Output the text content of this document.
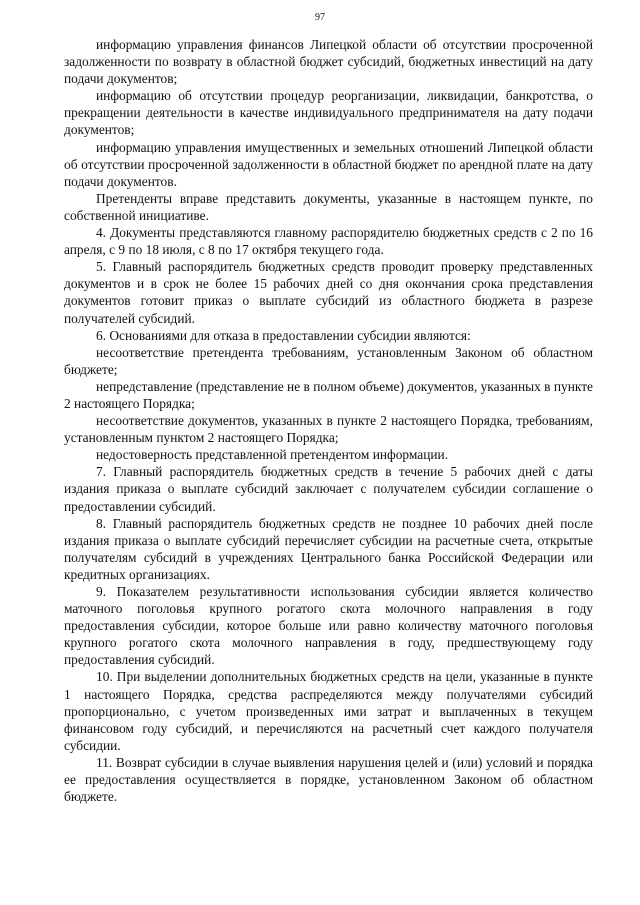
97

информацию управления финансов Липецкой области об отсутствии просроченной задолженности по возврату в областной бюджет субсидий, бюджетных инвестиций на дату подачи документов;

информацию об отсутствии процедур реорганизации, ликвидации, банкротства, о прекращении деятельности в качестве индивидуального предпринимателя на дату подачи документов;

информацию управления имущественных и земельных отношений Липецкой области об отсутствии просроченной задолженности в областной бюджет по арендной плате на дату подачи документов.

Претенденты вправе представить документы, указанные в настоящем пункте, по собственной инициативе.

4. Документы представляются главному распорядителю бюджетных средств с 2 по 16 апреля, с 9 по 18 июля, с 8 по 17 октября текущего года.

5. Главный распорядитель бюджетных средств проводит проверку представленных документов и в срок не более 15 рабочих дней со дня окончания срока представления документов готовит приказ о выплате субсидий из областного бюджета в разрезе получателей субсидий.

6. Основаниями для отказа в предоставлении субсидии являются:

несоответствие претендента требованиям, установленным Законом об областном бюджете;

непредставление (представление не в полном объеме) документов, указанных в пункте 2 настоящего Порядка;

несоответствие документов, указанных в пункте 2 настоящего Порядка, требованиям, установленным пунктом 2 настоящего Порядка;

недостоверность представленной претендентом информации.

7. Главный распорядитель бюджетных средств в течение 5 рабочих дней с даты издания приказа о выплате субсидий заключает с получателем субсидии соглашение о предоставлении субсидий.

8. Главный распорядитель бюджетных средств не позднее 10 рабочих дней после издания приказа о выплате субсидий перечисляет субсидии на расчетные счета, открытые получателям субсидий в учреждениях Центрального банка Российской Федерации или кредитных организациях.

9. Показателем результативности использования субсидии является количество маточного поголовья крупного рогатого скота молочного направления в году предоставления субсидии, которое больше или равно количеству маточного поголовья крупного рогатого скота молочного направления в году, предшествующему году предоставления субсидий.

10. При выделении дополнительных бюджетных средств на цели, указанные в пункте 1 настоящего Порядка, средства распределяются между получателями субсидий пропорционально, с учетом произведенных ими затрат и выплаченных в текущем финансовом году субсидий, и перечисляются на расчетный счет каждого получателя субсидии.

11. Возврат субсидии в случае выявления нарушения целей и (или) условий и порядка ее предоставления осуществляется в порядке, установленном Законом об областном бюджете.
